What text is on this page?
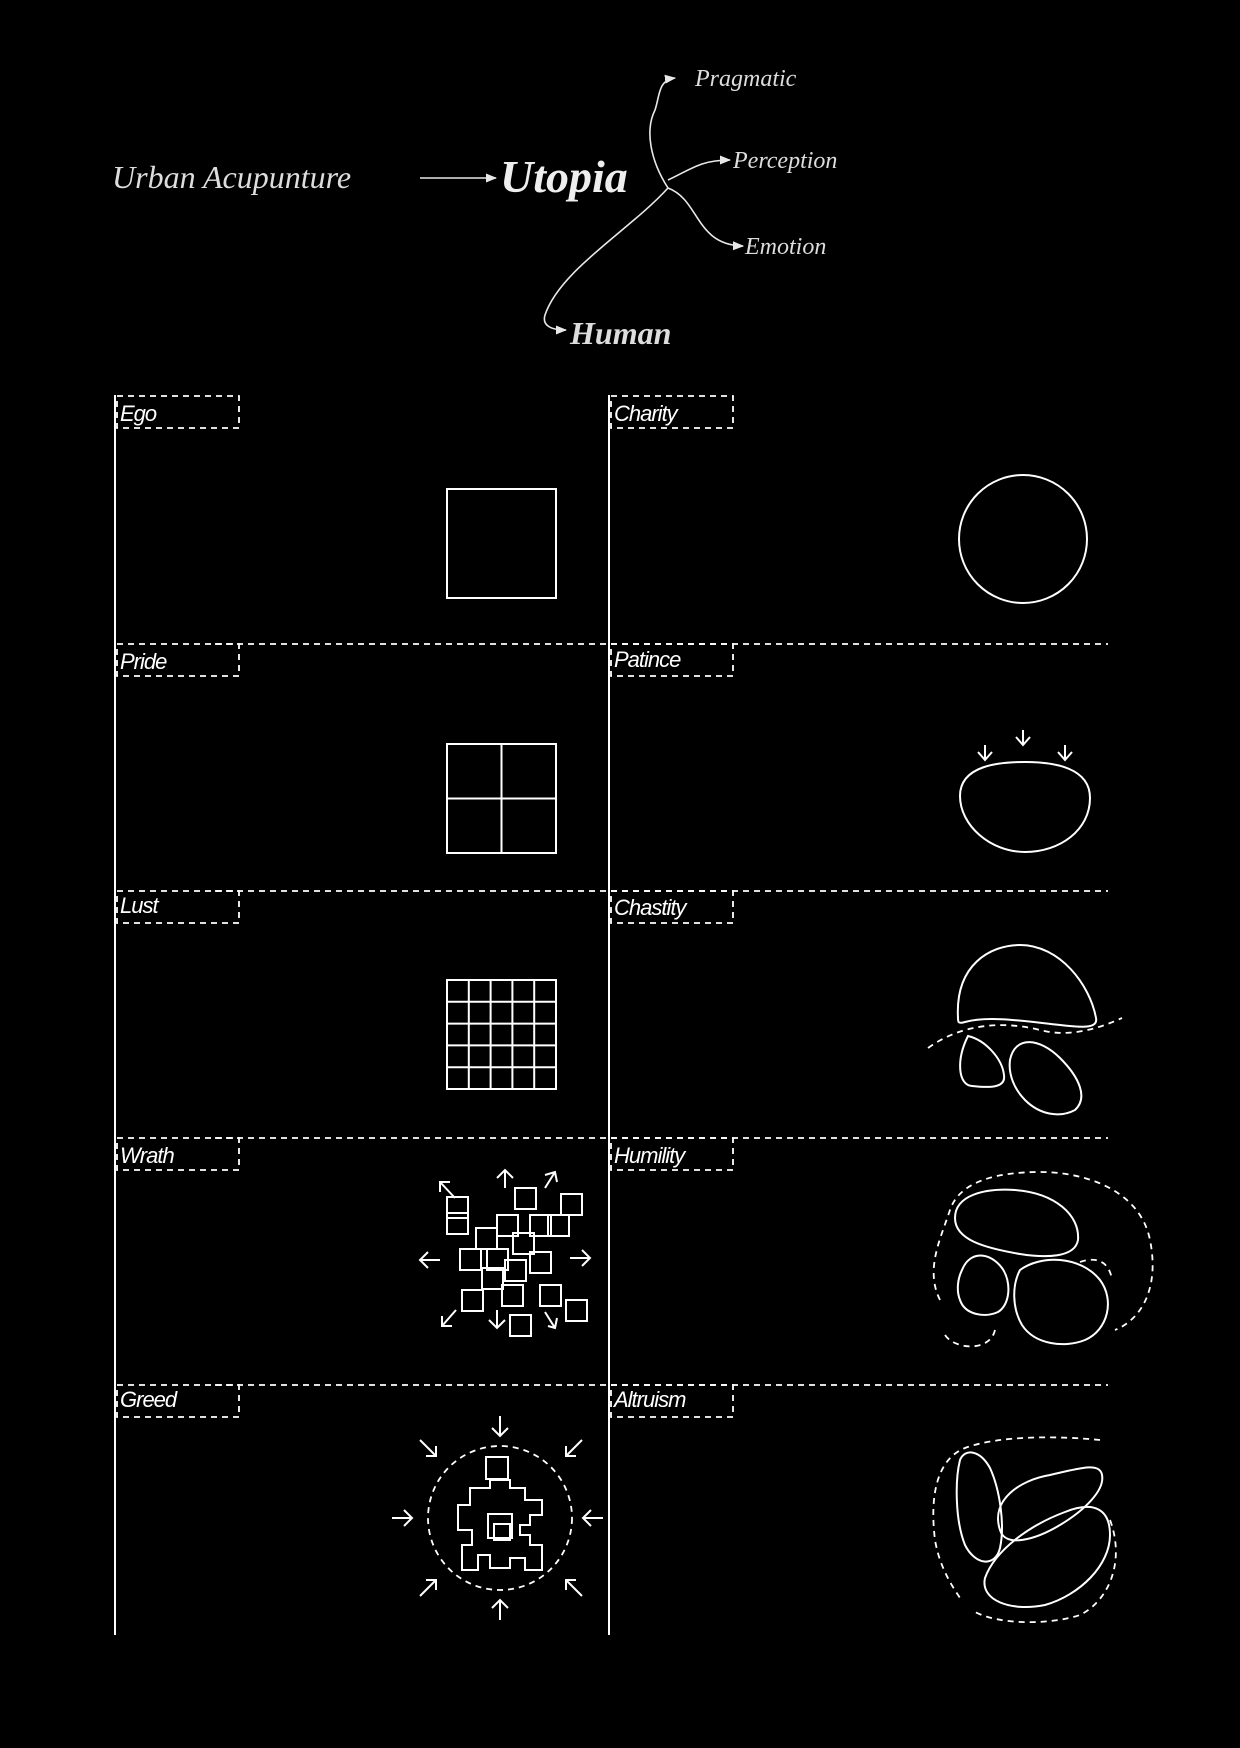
Urban Acupunture	Utopia
Pragmatic
Perception
Emotion
Human
Ego
Pride
Lust
Wrath
Greed
Charity
Patince
Chastity
Humility
Altruism
